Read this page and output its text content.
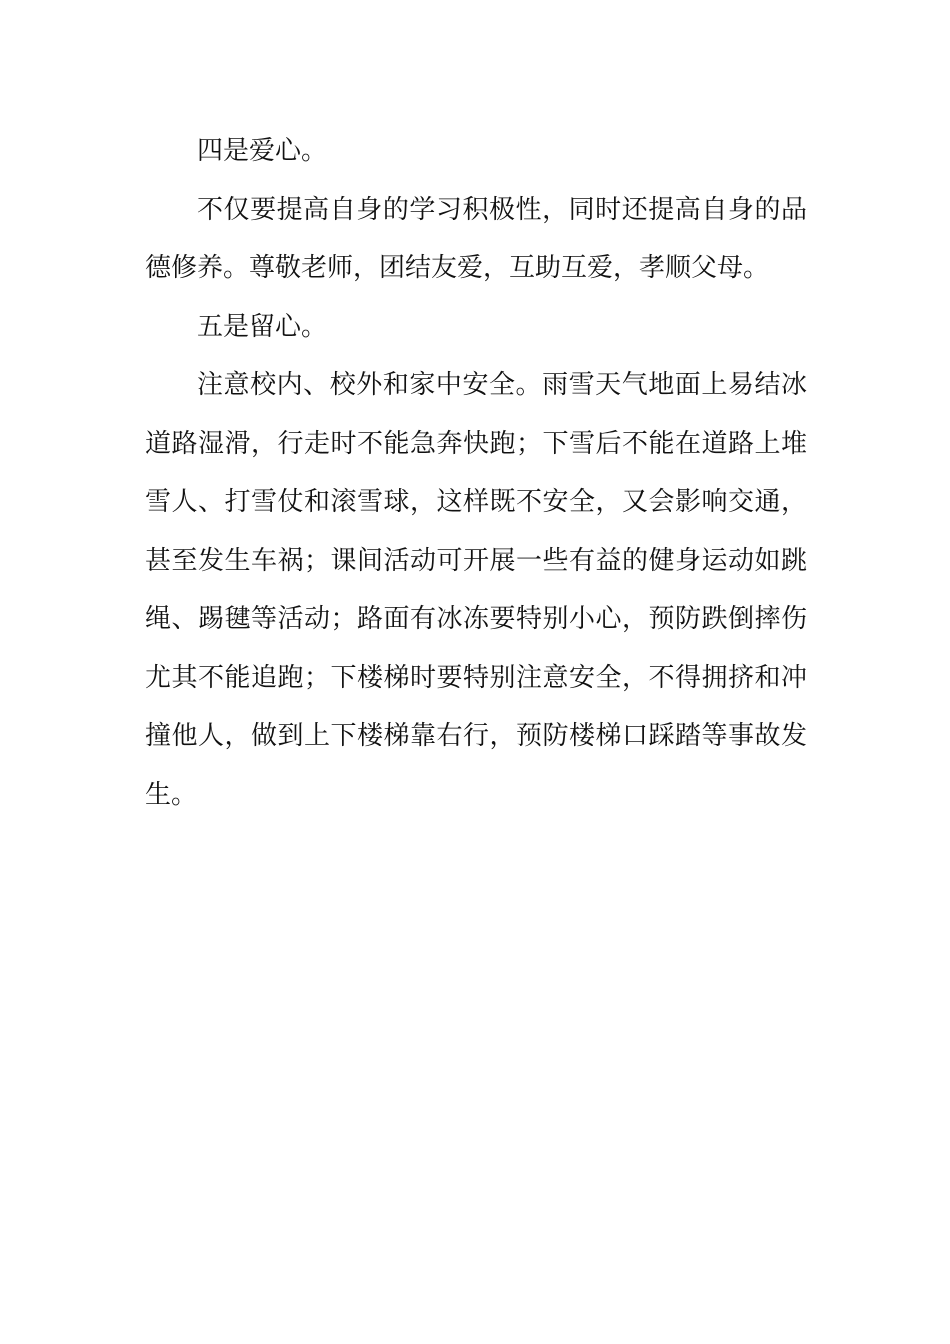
四是爱心。

不仅要提高自身的学习积极性，同时还提高自身的品德修养。尊敬老师，团结友爱，互助互爱，孝顺父母。

五是留心。

注意校内、校外和家中安全。雨雪天气地面上易结冰道路湿滑，行走时不能急奔快跑；下雪后不能在道路上堆雪人、打雪仗和滚雪球，这样既不安全，又会影响交通，甚至发生车祸；课间活动可开展一些有益的健身运动如跳绳、踢毽等活动；路面有冰冻要特别小心，预防跌倒摔伤尤其不能追跑；下楼梯时要特别注意安全，不得拥挤和冲撞他人，做到上下楼梯靠右行，预防楼梯口踩踏等事故发生。
